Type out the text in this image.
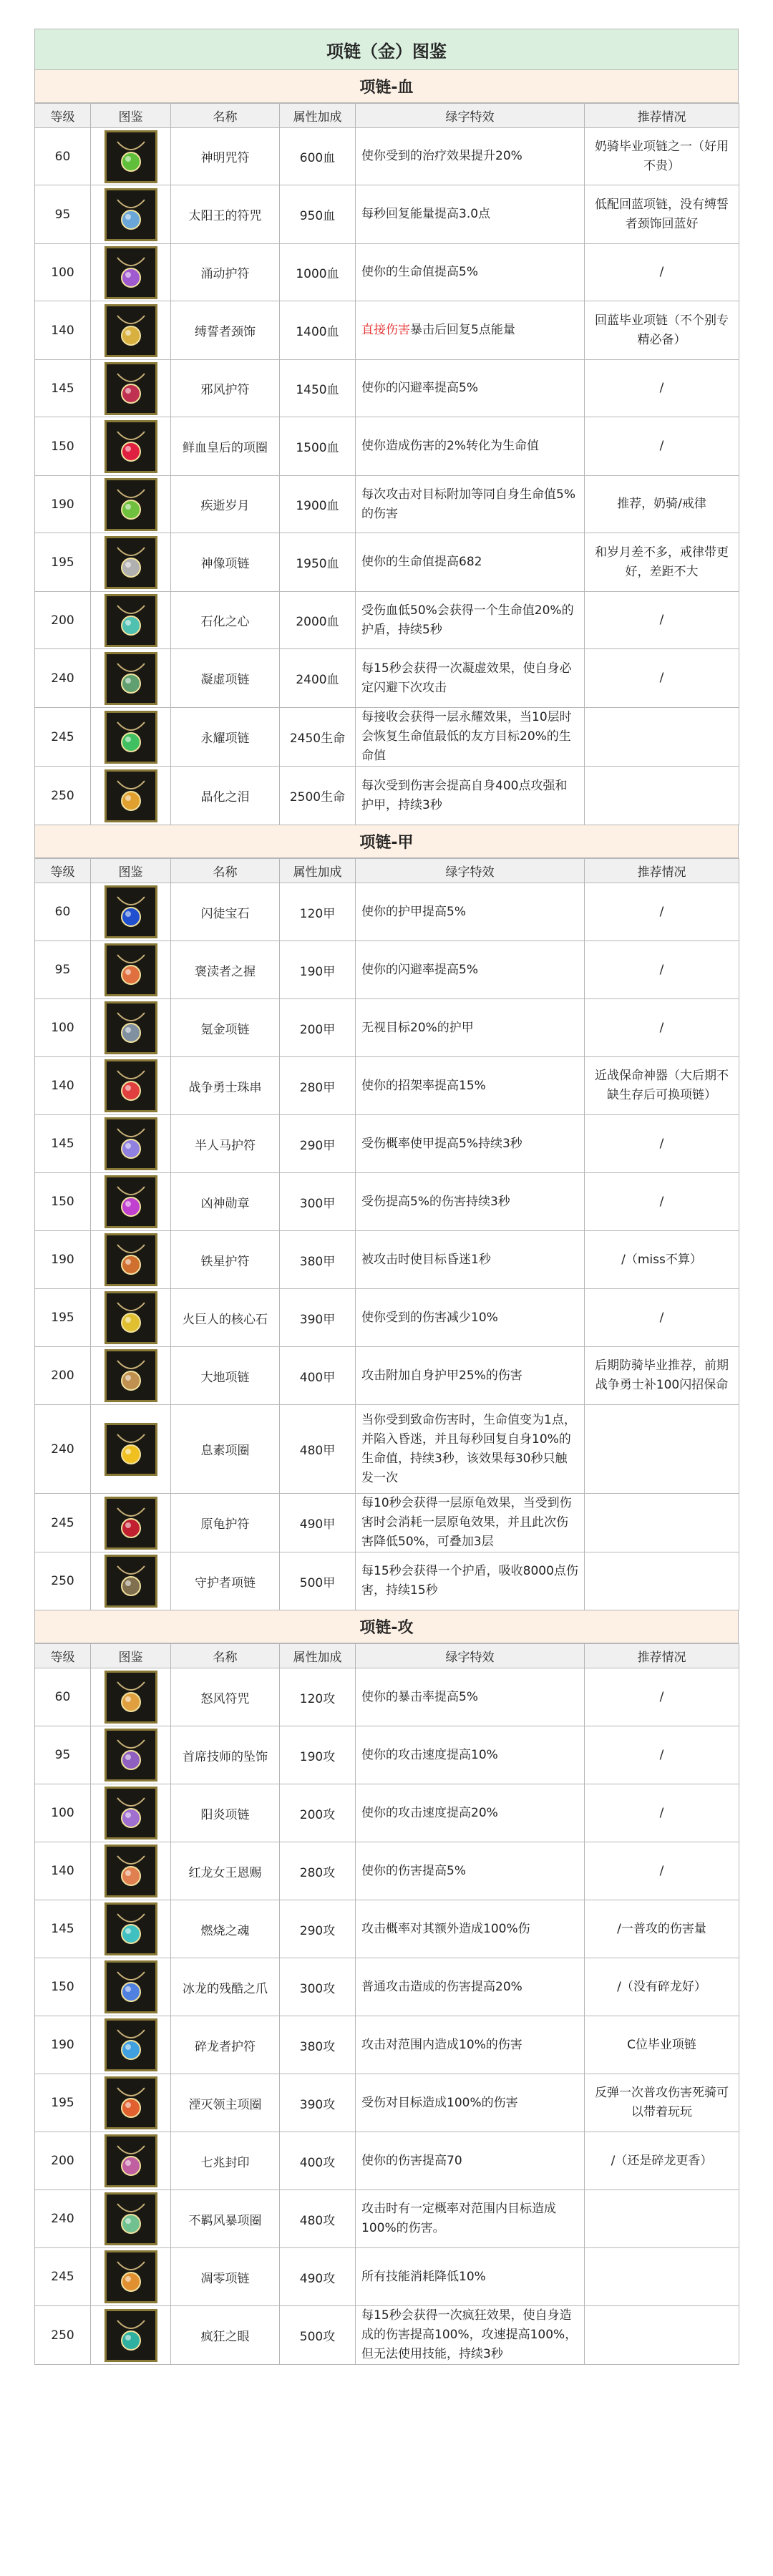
项链（金）图鉴
项链-血
等级	图鉴	名称	属性加成	绿字特效	推荐情况
60		神明咒符	600血	使你受到的治疗效果提升20%	奶骑毕业项链之一（好用不贵）
95		太阳王的符咒	950血	每秒回复能量提高3.0点	低配回蓝项链，没有缚誓者颈饰回蓝好
100		涌动护符	1000血	使你的生命值提高5%	/
140		缚誓者颈饰	1400血	直接伤害暴击后回复5点能量	回蓝毕业项链（不个别专精必备）
145		邪风护符	1450血	使你的闪避率提高5%	/
150		鲜血皇后的项圈	1500血	使你造成伤害的2%转化为生命值	/
190		疾逝岁月	1900血	每次攻击对目标附加等同自身生命值5%的伤害	推荐，奶骑/戒律
195		神像项链	1950血	使你的生命值提高682	和岁月差不多，戒律带更好，差距不大
200		石化之心	2000血	受伤血低50%会获得一个生命值20%的护盾，持续5秒	/
240		凝虚项链	2400血	每15秒会获得一次凝虚效果，使自身必定闪避下次攻击	/
245		永耀项链	2450生命	每接收会获得一层永耀效果，当10层时会恢复生命值最低的友方目标20%的生命值	
250		晶化之泪	2500生命	每次受到伤害会提高自身400点攻强和护甲，持续3秒	
项链-甲
等级	图鉴	名称	属性加成	绿字特效	推荐情况
60		闪徒宝石	120甲	使你的护甲提高5%	/
95		褒渎者之握	190甲	使你的闪避率提高5%	/
100		氪金项链	200甲	无视目标20%的护甲	/
140		战争勇士珠串	280甲	使你的招架率提高15%	近战保命神器（大后期不缺生存后可换项链）
145		半人马护符	290甲	受伤概率使甲提高5%持续3秒	/
150		凶神勋章	300甲	受伤提高5%的伤害持续3秒	/
190		铁星护符	380甲	被攻击时使目标昏迷1秒	/（miss不算）
195		火巨人的核心石	390甲	使你受到的伤害减少10%	/
200		大地项链	400甲	攻击附加自身护甲25%的伤害	后期防骑毕业推荐，前期战争勇士补100闪招保命
240		息素项圈	480甲	当你受到致命伤害时，生命值变为1点，并陷入昏迷，并且每秒回复自身10%的生命值，持续3秒，该效果每30秒只触发一次	
245		原龟护符	490甲	每10秒会获得一层原龟效果，当受到伤害时会消耗一层原龟效果，并且此次伤害降低50%，可叠加3层	
250		守护者项链	500甲	每15秒会获得一个护盾，吸收8000点伤害，持续15秒	
项链-攻
等级	图鉴	名称	属性加成	绿字特效	推荐情况
60		怒风符咒	120攻	使你的暴击率提高5%	/
95		首席技师的坠饰	190攻	使你的攻击速度提高10%	/
100		阳炎项链	200攻	使你的攻击速度提高20%	/
140		红龙女王恩赐	280攻	使你的伤害提高5%	/
145		燃烧之魂	290攻	攻击概率对其额外造成100%伤	/一普攻的伤害量
150		冰龙的残酷之爪	300攻	普通攻击造成的伤害提高20%	/（没有碎龙好）
190		碎龙者护符	380攻	攻击对范围内造成10%的伤害	C位毕业项链
195		湮灭领主项圈	390攻	受伤对目标造成100%的伤害	反弹一次普攻伤害死骑可以带着玩玩
200		七兆封印	400攻	使你的伤害提高70	/（还是碎龙更香）
240		不羁风暴项圈	480攻	攻击时有一定概率对范围内目标造成100%的伤害。	
245		凋零项链	490攻	所有技能消耗降低10%	
250		疯狂之眼	500攻	每15秒会获得一次疯狂效果，使自身造成的伤害提高100%，攻速提高100%，但无法使用技能，持续3秒	
